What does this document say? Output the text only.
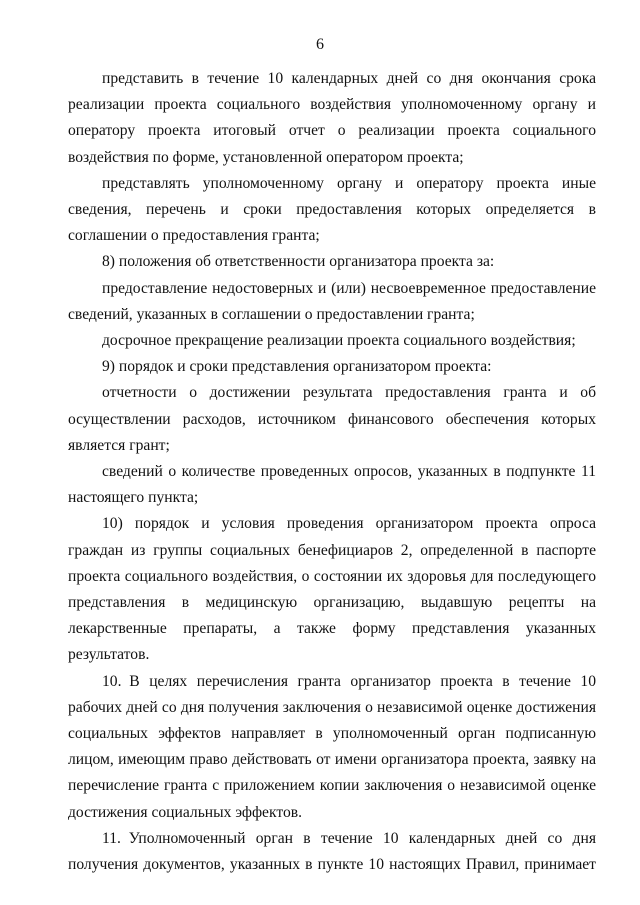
6

представить в течение 10 календарных дней со дня окончания срока реализации проекта социального воздействия уполномоченному органу и оператору проекта итоговый отчет о реализации проекта социального воздействия по форме, установленной оператором проекта;

представлять уполномоченному органу и оператору проекта иные сведения, перечень и сроки предоставления которых определяется в соглашении о предоставления гранта;

8) положения об ответственности организатора проекта за:

предоставление недостоверных и (или) несвоевременное предоставление сведений, указанных в соглашении о предоставлении гранта;

досрочное прекращение реализации проекта социального воздействия;

9) порядок и сроки представления организатором проекта:

отчетности о достижении результата предоставления гранта и об осуществлении расходов, источником финансового обеспечения которых является грант;

сведений о количестве проведенных опросов, указанных в подпункте 11 настоящего пункта;

10) порядок и условия проведения организатором проекта опроса граждан из группы социальных бенефициаров 2, определенной в паспорте проекта социального воздействия, о состоянии их здоровья для последующего представления в медицинскую организацию, выдавшую рецепты на лекарственные препараты, а также форму представления указанных результатов.

10. В целях перечисления гранта организатор проекта в течение 10 рабочих дней со дня получения заключения о независимой оценке достижения социальных эффектов направляет в уполномоченный орган подписанную лицом, имеющим право действовать от имени организатора проекта, заявку на перечисление гранта с приложением копии заключения о независимой оценке достижения социальных эффектов.

11. Уполномоченный орган в течение 10 календарных дней со дня получения документов, указанных в пункте 10 настоящих Правил, принимает
